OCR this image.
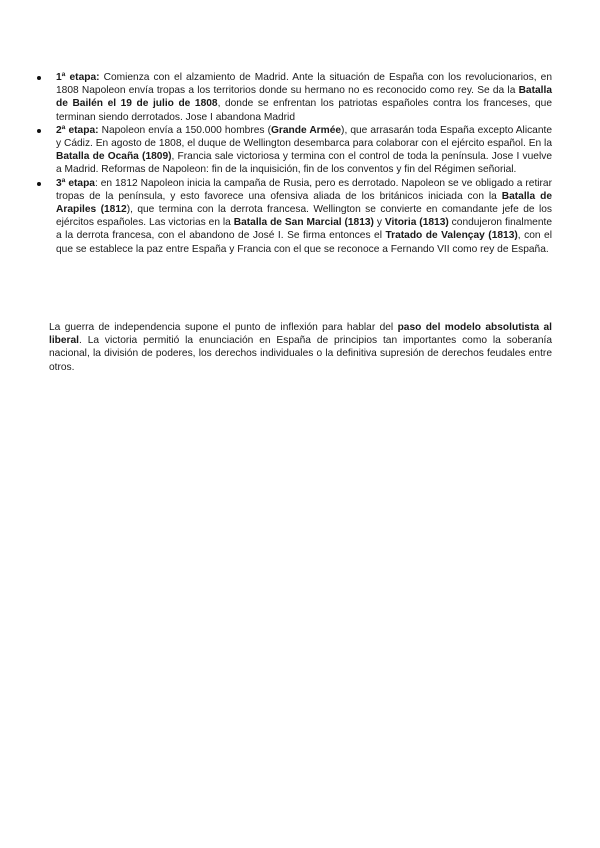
1ª etapa: Comienza con el alzamiento de Madrid. Ante la situación de España con los revolucionarios, en 1808 Napoleon envía tropas a los territorios donde su hermano no es reconocido como rey. Se da la Batalla de Bailén el 19 de julio de 1808, donde se enfrentan los patriotas españoles contra los franceses, que terminan siendo derrotados. Jose I abandona Madrid

2ª etapa: Napoleon envía a 150.000 hombres (Grande Armée), que arrasarán toda España excepto Alicante y Cádiz. En agosto de 1808, el duque de Wellington desembarca para colaborar con el ejército español. En la Batalla de Ocaña (1809), Francia sale victoriosa y termina con el control de toda la península. Jose I vuelve a Madrid. Reformas de Napoleon: fin de la inquisición, fin de los conventos y fin del Régimen señorial.

3ª etapa: en 1812 Napoleon inicia la campaña de Rusia, pero es derrotado. Napoleon se ve obligado a retirar tropas de la península, y esto favorece una ofensiva aliada de los británicos iniciada con la Batalla de Arapiles (1812), que termina con la derrota francesa. Wellington se convierte en comandante jefe de los ejércitos españoles. Las victorias en la Batalla de San Marcial (1813) y Vitoria (1813) condujeron finalmente a la derrota francesa, con el abandono de José I. Se firma entonces el Tratado de Valençay (1813), con el que se establece la paz entre España y Francia con el que se reconoce a Fernando VII como rey de España.

La guerra de independencia supone el punto de inflexión para hablar del paso del modelo absolutista al liberal. La victoria permitió la enunciación en España de principios tan importantes como la soberanía nacional, la división de poderes, los derechos individuales o la definitiva supresión de derechos feudales entre otros.
